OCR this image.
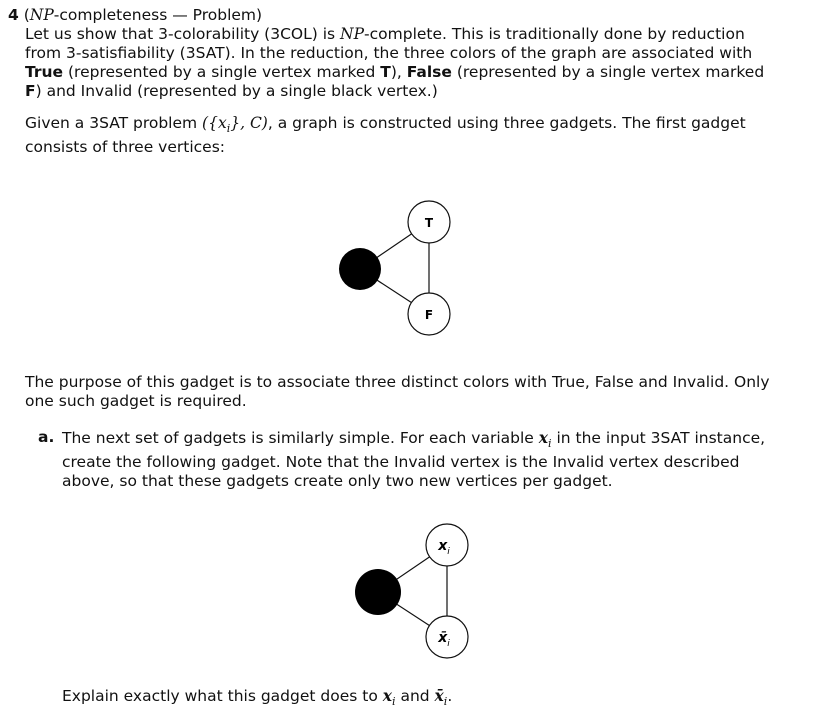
4 (NP-completeness — Problem)
Let us show that 3-colorability (3COL) is NP-complete. This is traditionally done by reduction from 3-satisfiability (3SAT). In the reduction, the three colors of the graph are associated with True (represented by a single vertex marked T), False (represented by a single vertex marked F) and Invalid (represented by a single black vertex.)
Given a 3SAT problem ($\{x_i\}$, C), a graph is constructed using three gadgets. The first gadget consists of three vertices:
T
F
The purpose of this gadget is to associate three distinct colors with True, False and Invalid. Only one such gadget is required.
a. The next set of gadgets is similarly simple. For each variable $x_i$ in the input 3SAT instance, create the following gadget. Note that the Invalid vertex is the Invalid vertex described above, so that these gadgets create only two new vertices per gadget.
$x_i$
$x̄_i$
Explain exactly what this gadget does to $x_i$ and $x̄_i$.
